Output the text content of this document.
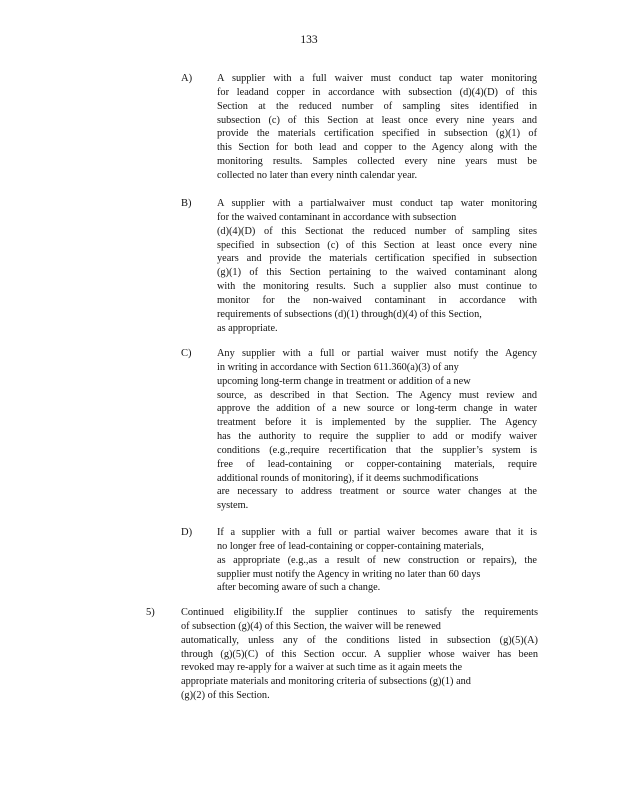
133
A) A supplier with a full waiver must conduct tap water monitoring
for leadand copper in accordance with subsection (d)(4)(D) of this
Section at the reduced number of sampling sites identified in
subsection (c) of this Section at least once every nine years and
provide the materials certification specified in subsection (g)(1) of
this Section for both lead and copper to the Agency along with the
monitoring results. Samples collected every nine years must be
collected no later than every ninth calendar year.
B) A supplier with a partialwaiver must conduct tap water monitoring
for the waived contaminant in accordance with subsection
(d)(4)(D) of this Sectionat the reduced number of sampling sites
specified in subsection (c) of this Section at least once every nine
years and provide the materials certification specified in subsection
(g)(1) of this Section pertaining to the waived contaminant along
with the monitoring results. Such a supplier also must continue to
monitor for the non-waived contaminant in accordance with
requirements of subsections (d)(1) through(d)(4) of this Section,
as appropriate.
C) Any supplier with a full or partial waiver must notify the Agency
in writing in accordance with Section 611.360(a)(3) of any
upcoming long-term change in treatment or addition of a new
source, as described in that Section. The Agency must review and
approve the addition of a new source or long-term change in water
treatment before it is implemented by the supplier. The Agency
has the authority to require the supplier to add or modify waiver
conditions (e.g.,require recertification that the supplier’s system is
free of lead-containing or copper-containing materials, require
additional rounds of monitoring), if it deems suchmodifications
are necessary to address treatment or source water changes at the
system.
D) If a supplier with a full or partial waiver becomes aware that it is
no longer free of lead-containing or copper-containing materials,
as appropriate (e.g.,as a result of new construction or repairs), the
supplier must notify the Agency in writing no later than 60 days
after becoming aware of such a change.
5)	Continued eligibility.If the supplier continues to satisfy the requirements
of subsection (g)(4) of this Section, the waiver will be renewed
automatically, unless any of the conditions listed in subsection (g)(5)(A)
through (g)(5)(C) of this Section occur. A supplier whose waiver has been
revoked may re-apply for a waiver at such time as it again meets the
appropriate materials and monitoring criteria of subsections (g)(1) and
(g)(2) of this Section.
